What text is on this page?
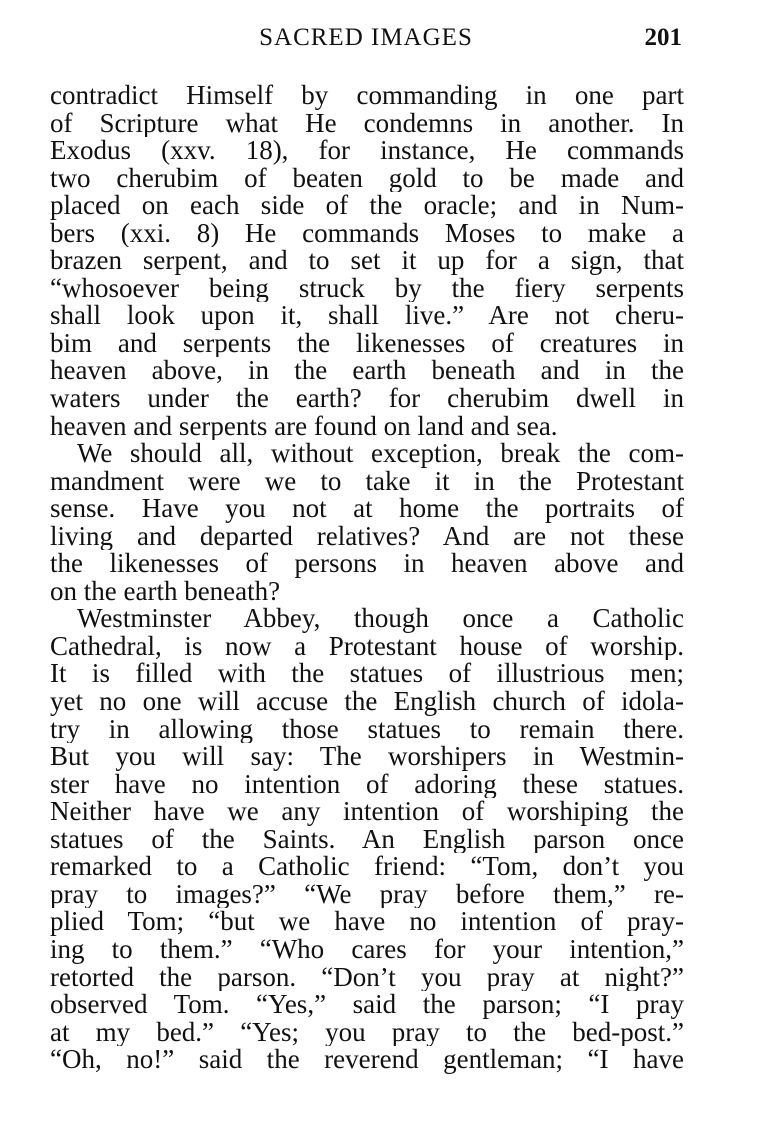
SACRED IMAGES	201
contradict Himself by commanding in one part
of Scripture what He condemns in another. In
Exodus (xxv. 18), for instance, He commands
two cherubim of beaten gold to be made and
placed on each side of the oracle; and in Num-
bers (xxi. 8) He commands Moses to make a
brazen serpent, and to set it up for a sign, that
“whosoever being struck by the fiery serpents
shall look upon it, shall live.” Are not cheru-
bim and serpents the likenesses of creatures in
heaven above, in the earth beneath and in the
waters under the earth? for cherubim dwell in
heaven and serpents are found on land and sea.
We should all, without exception, break the com-
mandment were we to take it in the Protestant
sense. Have you not at home the portraits of
living and departed relatives? And are not these
the likenesses of persons in heaven above and
on the earth beneath?
Westminster Abbey, though once a Catholic
Cathedral, is now a Protestant house of worship.
It is filled with the statues of illustrious men;
yet no one will accuse the English church of idola-
try in allowing those statues to remain there.
But you will say: The worshipers in Westmin-
ster have no intention of adoring these statues.
Neither have we any intention of worshiping the
statues of the Saints. An English parson once
remarked to a Catholic friend: “Tom, don’t you
pray to images?” “We pray before them,” re-
plied Tom; “but we have no intention of pray-
ing to them.” “Who cares for your intention,”
retorted the parson. “Don’t you pray at night?”
observed Tom. “Yes,” said the parson; “I pray
at my bed.” “Yes; you pray to the bed-post.”
“Oh, no!” said the reverend gentleman; “I have
